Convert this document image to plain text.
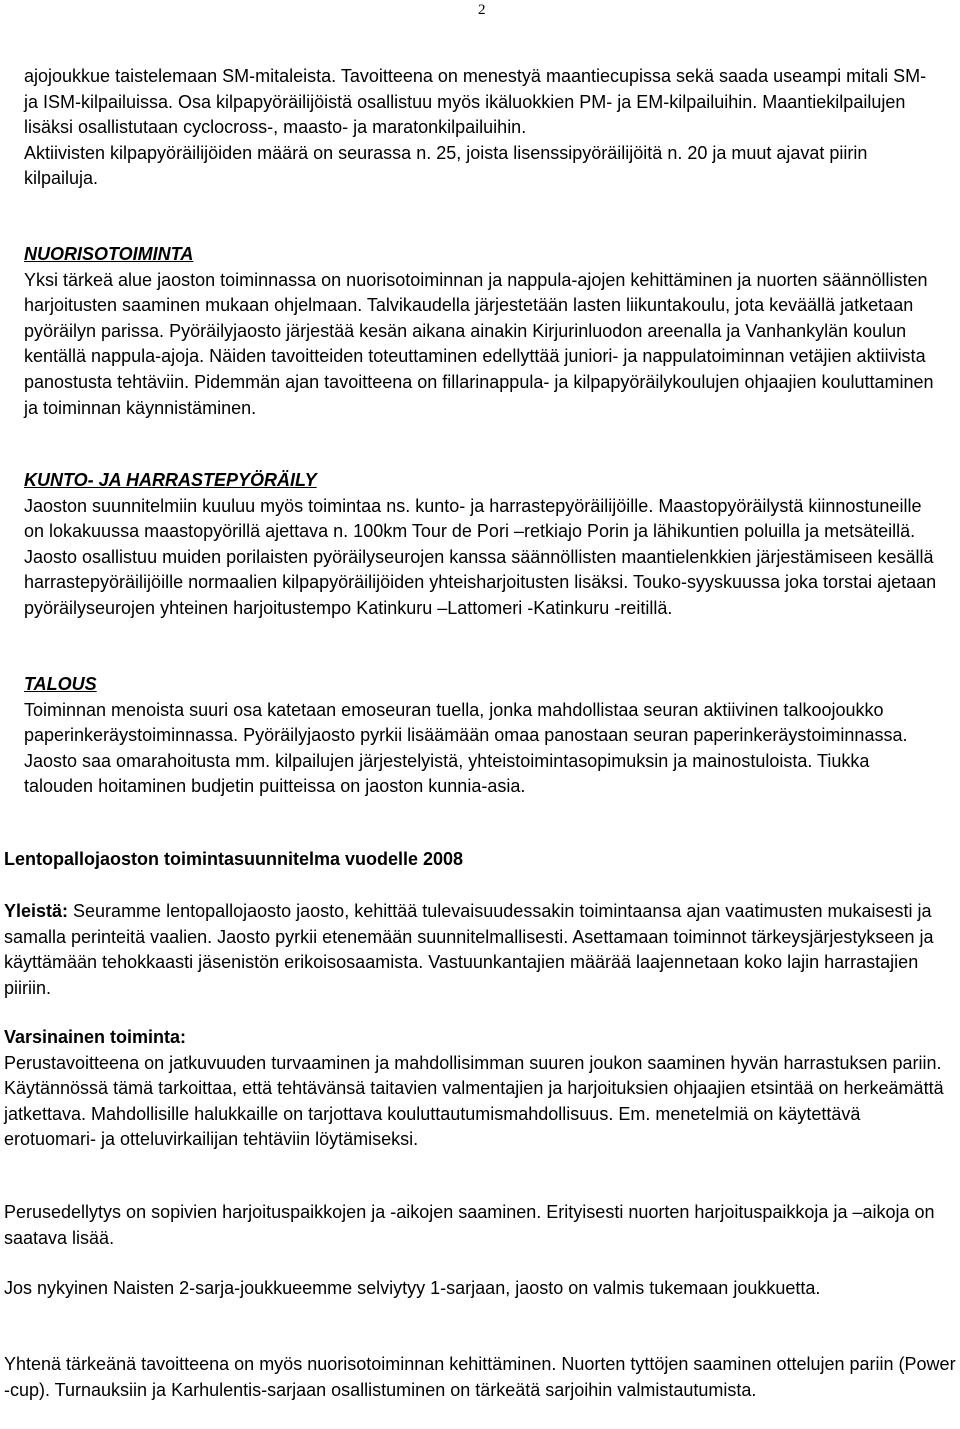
2

ajojoukkue taistelemaan SM-mitaleista. Tavoitteena on menestyä maantiecupissa sekä saada useampi mitali SM- ja ISM-kilpailuissa. Osa kilpapyöräilijöistä osallistuu myös ikäluokkien PM- ja EM-kilpailuihin. Maantiekilpailujen lisäksi osallistutaan cyclocross-, maasto- ja maratonkilpailuihin.

Aktiivisten kilpapyöräilijöiden määrä on seurassa n. 25, joista lisenssipyöräilijöitä n. 20 ja muut ajavat piirin kilpailuja.

NUORISOTOIMINTA

Yksi tärkeä alue jaoston toiminnassa on nuorisotoiminnan ja nappula-ajojen kehittäminen ja nuorten säännöllisten harjoitusten saaminen mukaan ohjelmaan. Talvikaudella järjestetään lasten liikuntakoulu, jota keväällä jatketaan pyöräilyn parissa. Pyöräilyjaosto järjestää kesän aikana ainakin Kirjurinluodon areenalla ja Vanhankylän koulun kentällä nappula-ajoja. Näiden tavoitteiden toteuttaminen edellyttää juniori- ja nappulatoiminnan vetäjien aktiivista panostusta tehtäviin. Pidemmän ajan tavoitteena on fillarinappula- ja kilpapyöräilykoulujen ohjaajien kouluttaminen ja toiminnan käynnistäminen.

KUNTO- JA HARRASTEPYÖRÄILY

Jaoston suunnitelmiin kuuluu myös toimintaa ns. kunto- ja harrastepyöräilijöille. Maastopyöräilystä kiinnostuneille on lokakuussa maastopyörillä ajettava n. 100km Tour de Pori –retkiajo Porin ja lähikuntien poluilla ja metsäteillä. Jaosto osallistuu muiden porilaisten pyöräilyseurojen kanssa säännöllisten maantielenkkien järjestämiseen kesällä harrastepyöräilijöille normaalien kilpapyöräilijöiden yhteisharjoitusten lisäksi. Touko-syyskuussa joka torstai ajetaan pyöräilyseurojen yhteinen harjoitustempo Katinkuru –Lattomeri -Katinkuru -reitillä.

TALOUS

Toiminnan menoista suuri osa katetaan emoseuran tuella, jonka mahdollistaa seuran aktiivinen talkoojoukko paperinkeräystoiminnassa. Pyöräilyjaosto pyrkii lisäämään omaa panostaan seuran paperinkeräystoiminnassa. Jaosto saa omarahoitusta mm. kilpailujen järjestelyistä, yhteistoimintasopimuksin ja mainostuloista. Tiukka talouden hoitaminen budjetin puitteissa on jaoston kunnia-asia.

Lentopallojaoston toimintasuunnitelma vuodelle 2008

Yleistä: Seuramme lentopallojaosto jaosto, kehittää tulevaisuudessakin toimintaansa ajan vaatimusten mukaisesti ja samalla perinteitä vaalien. Jaosto pyrkii etenemään suunnitelmallisesti. Asettamaan toiminnot tärkeysjärjestykseen ja käyttämään tehokkaasti jäsenistön erikoisosaamista. Vastuunkantajien määrää laajennetaan koko lajin harrastajien piiriin.

Varsinainen toiminta:

Perustavoitteena on jatkuvuuden turvaaminen ja mahdollisimman suuren joukon saaminen hyvän harrastuksen pariin. Käytännössä tämä tarkoittaa, että tehtävänsä taitavien valmentajien ja harjoituksien ohjaajien etsintää on herkeämättä jatkettava. Mahdollisille halukkaille on tarjottava kouluttautumismahdollisuus. Em. menetelmiä on käytettävä erotuomari- ja otteluvirkailijan tehtäviin löytämiseksi.

Perusedellytys on sopivien harjoituspaikkojen ja -aikojen saaminen. Erityisesti nuorten harjoituspaikkoja ja –aikoja on saatava lisää.

Jos nykyinen Naisten 2-sarja-joukkueemme selviytyy 1-sarjaan, jaosto on valmis tukemaan joukkuetta.

Yhtenä tärkeänä tavoitteena on myös nuorisotoiminnan kehittäminen. Nuorten tyttöjen saaminen ottelujen pariin (Power -cup). Turnauksiin ja Karhulentis-sarjaan osallistuminen on tärkeätä sarjoihin valmistautumista.
